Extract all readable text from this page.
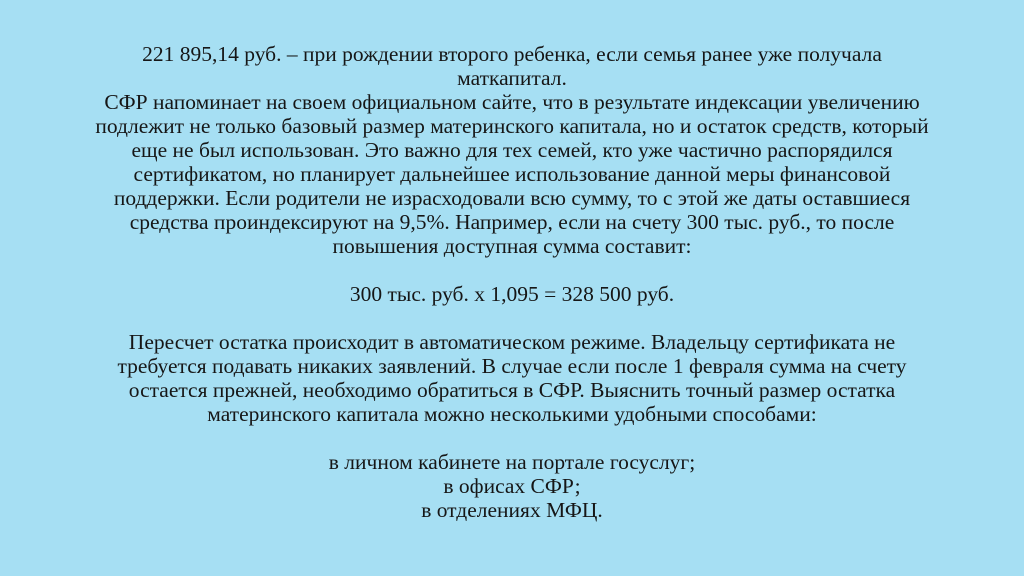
221 895,14 руб. – при рождении второго ребенка, если семья ранее уже получала
маткапитал.
СФР напоминает на своем официальном сайте, что в результате индексации увеличению
подлежит не только базовый размер материнского капитала, но и остаток средств, который
еще не был использован. Это важно для тех семей, кто уже частично распорядился
сертификатом, но планирует дальнейшее использование данной меры финансовой
поддержки. Если родители не израсходовали всю сумму, то с этой же даты оставшиеся
средства проиндексируют на 9,5%. Например, если на счету 300 тыс. руб., то после
повышения доступная сумма составит:
300 тыс. руб. х 1,095 = 328 500 руб.
Пересчет остатка происходит в автоматическом режиме. Владельцу сертификата не
требуется подавать никаких заявлений. В случае если после 1 февраля сумма на счету
остается прежней, необходимо обратиться в СФР. Выяснить точный размер остатка
материнского капитала можно несколькими удобными способами:
в личном кабинете на портале госуслуг;
в офисах СФР;
в отделениях МФЦ.
